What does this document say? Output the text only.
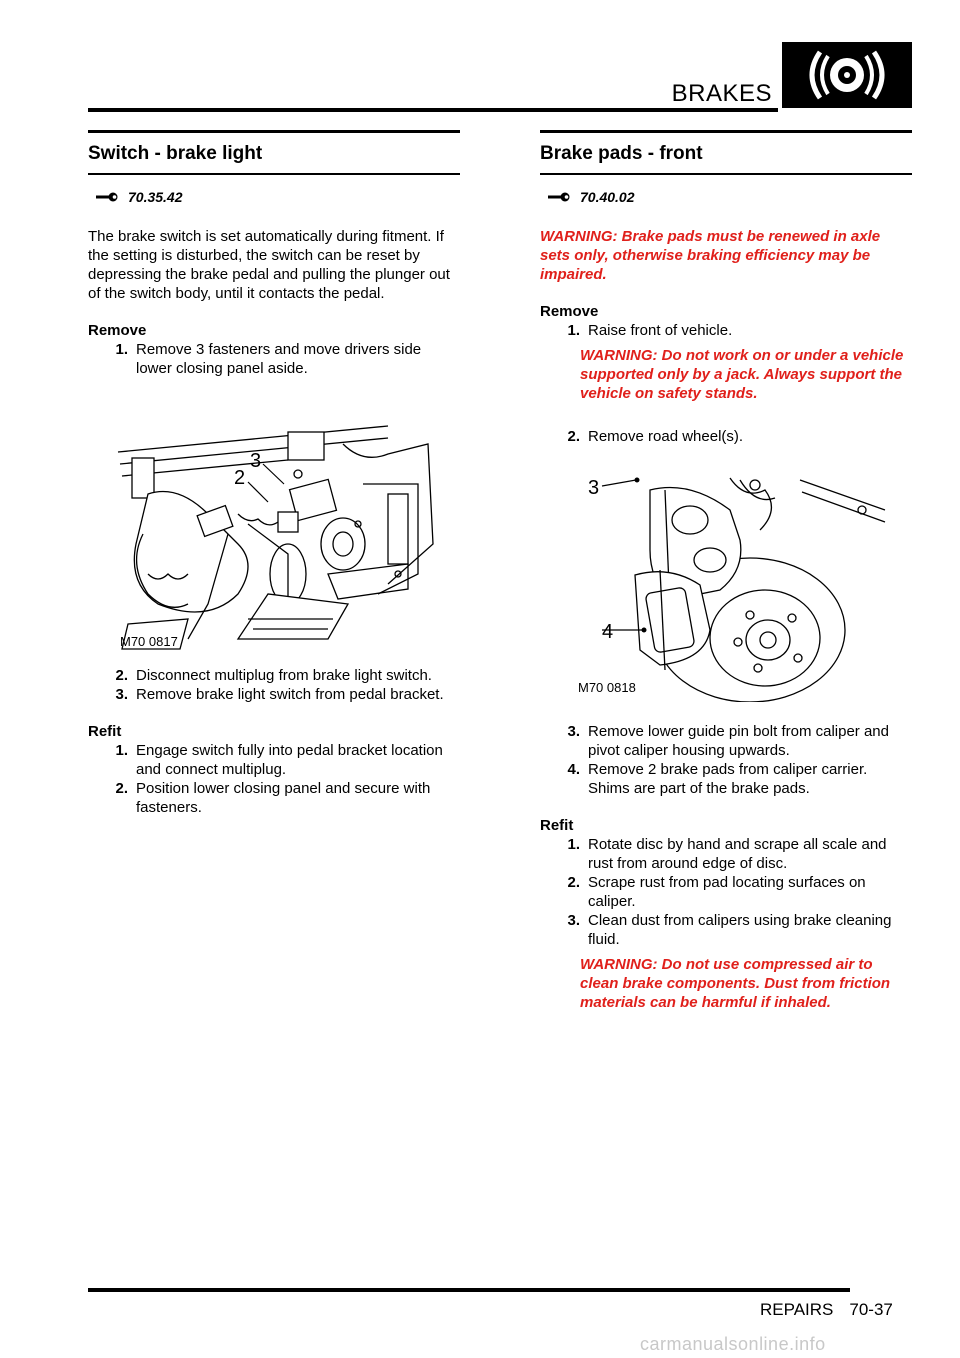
BRAKES
Switch - brake light
70.35.42

The brake switch is set automatically during fitment. If the setting is disturbed, the switch can be reset by depressing the brake pedal and pulling the plunger out of the switch body, until it contacts the pedal.

Remove
1. Remove 3 fasteners and move drivers side lower closing panel aside.
2
3
M70 0817
2. Disconnect multiplug from brake light switch.
3. Remove brake light switch from pedal bracket.
Refit
1. Engage switch fully into pedal bracket location and connect multiplug.
2. Position lower closing panel and secure with fasteners.
Brake pads - front
70.40.02
WARNING: Brake pads must be renewed in axle sets only, otherwise braking efficiency may be impaired.
Remove
1. Raise front of vehicle.
WARNING: Do not work on or under a vehicle supported only by a jack. Always support the vehicle on safety stands.
2. Remove road wheel(s).
3
4
M70 0818
3. Remove lower guide pin bolt from caliper and pivot caliper housing upwards.
4. Remove 2 brake pads from caliper carrier. Shims are part of the brake pads.
Refit
1. Rotate disc by hand and scrape all scale and rust from around edge of disc.
2. Scrape rust from pad locating surfaces on caliper.
3. Clean dust from calipers using brake cleaning fluid.
WARNING: Do not use compressed air to clean brake components. Dust from friction materials can be harmful if inhaled.
REPAIRS 70-37
carmanualsonline.info
